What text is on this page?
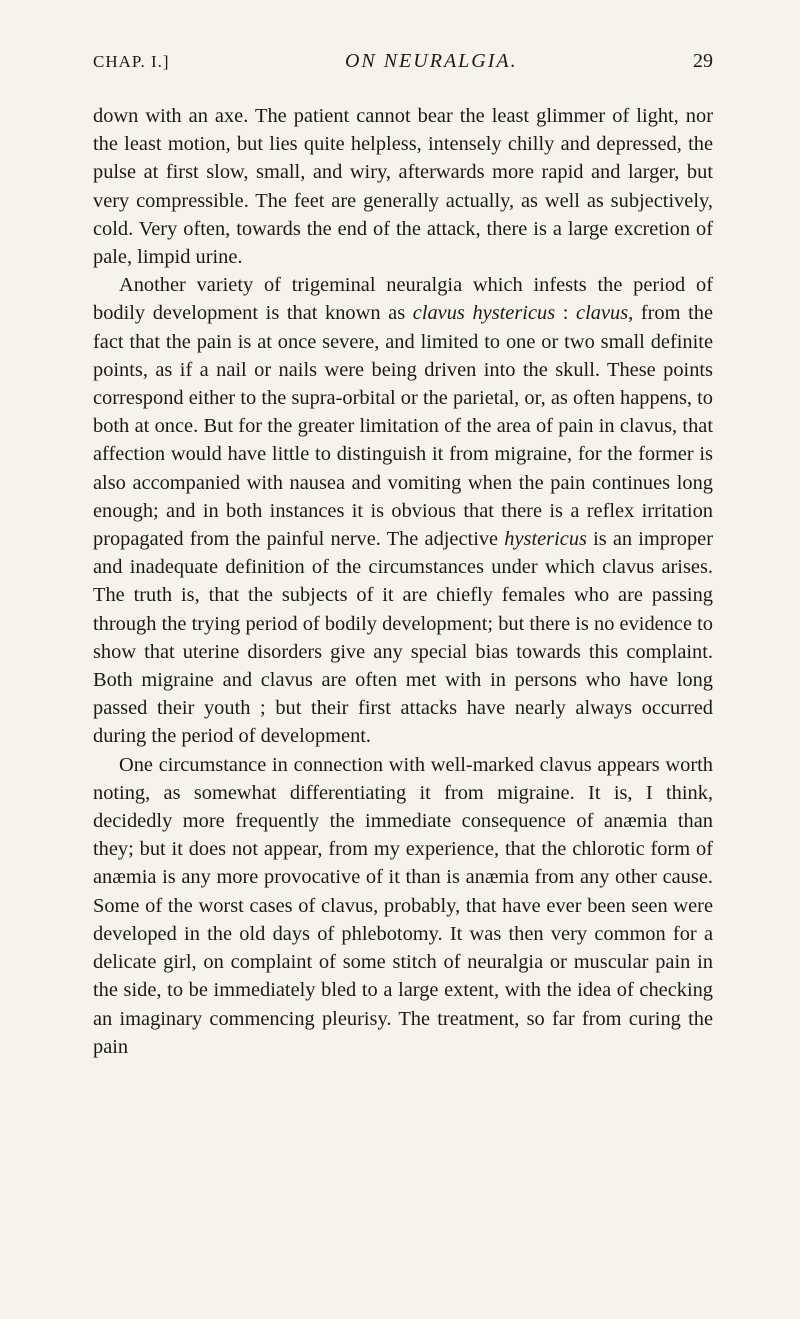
CHAP. I.]	ON NEURALGIA.	29

down with an axe. The patient cannot bear the least glimmer of light, nor the least motion, but lies quite helpless, intensely chilly and depressed, the pulse at first slow, small, and wiry, afterwards more rapid and larger, but very compressible. The feet are generally actually, as well as subjectively, cold. Very often, towards the end of the attack, there is a large excretion of pale, limpid urine.

Another variety of trigeminal neuralgia which infests the period of bodily development is that known as clavus hystericus : clavus, from the fact that the pain is at once severe, and limited to one or two small definite points, as if a nail or nails were being driven into the skull. These points correspond either to the supra-orbital or the parietal, or, as often happens, to both at once. But for the greater limitation of the area of pain in clavus, that affection would have little to distinguish it from migraine, for the former is also accompanied with nausea and vomiting when the pain continues long enough; and in both instances it is obvious that there is a reflex irritation propagated from the painful nerve. The adjective hystericus is an improper and inadequate definition of the circumstances under which clavus arises. The truth is, that the subjects of it are chiefly females who are passing through the trying period of bodily development; but there is no evidence to show that uterine disorders give any special bias towards this complaint. Both migraine and clavus are often met with in persons who have long passed their youth ; but their first attacks have nearly always occurred during the period of development.

One circumstance in connection with well-marked clavus appears worth noting, as somewhat differentiating it from migraine. It is, I think, decidedly more frequently the immediate consequence of anæmia than they; but it does not appear, from my experience, that the chlorotic form of anæmia is any more provocative of it than is anæmia from any other cause. Some of the worst cases of clavus, probably, that have ever been seen were developed in the old days of phlebotomy. It was then very common for a delicate girl, on complaint of some stitch of neuralgia or muscular pain in the side, to be immediately bled to a large extent, with the idea of checking an imaginary commencing pleurisy. The treatment, so far from curing the pain
